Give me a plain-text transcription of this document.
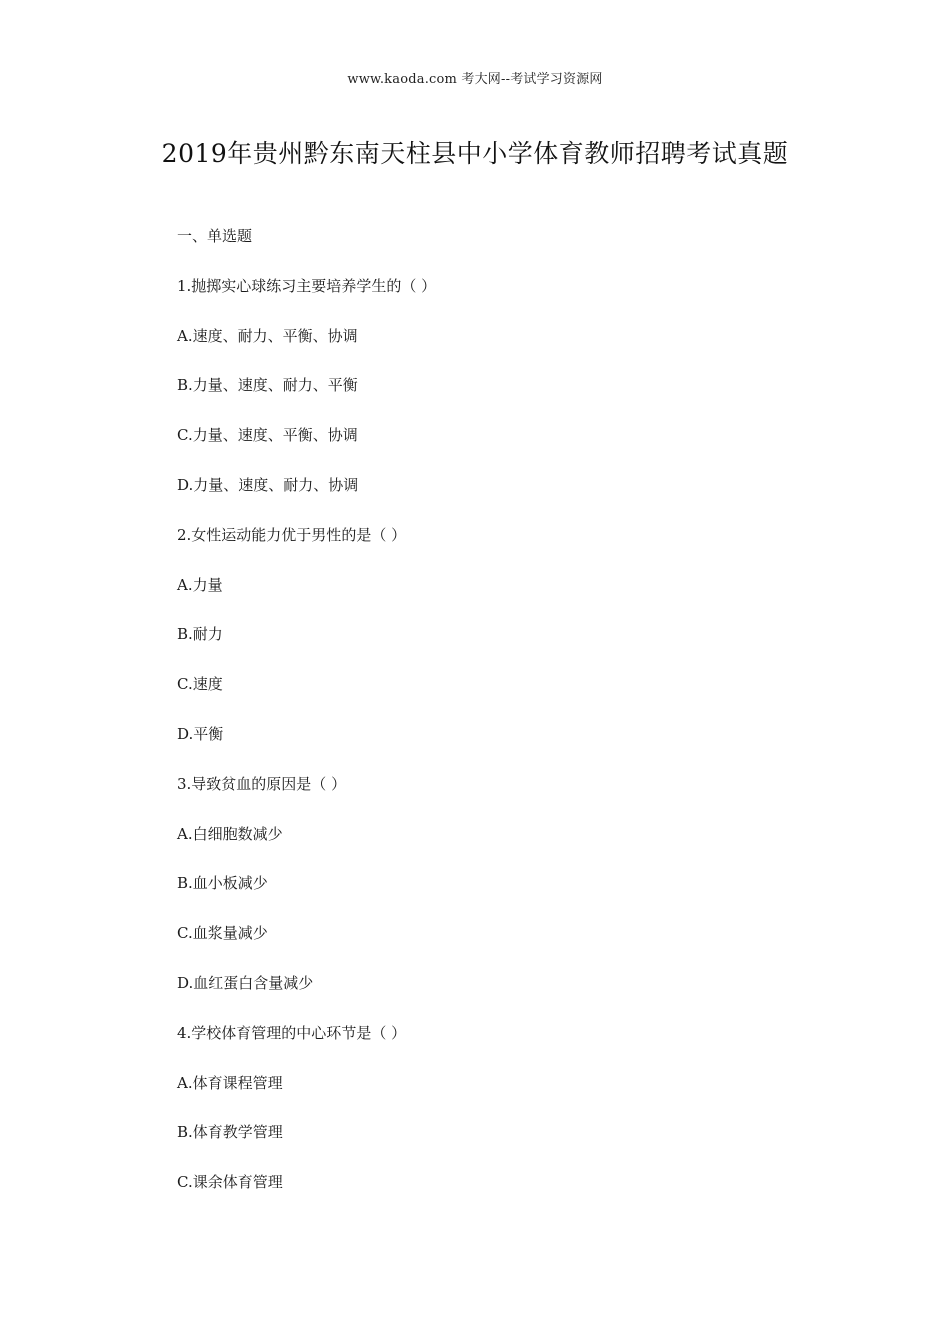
www.kaoda.com 考大网--考试学习资源网
2019年贵州黔东南天柱县中小学体育教师招聘考试真题
一、单选题
1.抛掷实心球练习主要培养学生的（ ）
A.速度、耐力、平衡、协调
B.力量、速度、耐力、平衡
C.力量、速度、平衡、协调
D.力量、速度、耐力、协调
2.女性运动能力优于男性的是（ ）
A.力量
B.耐力
C.速度
D.平衡
3.导致贫血的原因是（ ）
A.白细胞数减少
B.血小板减少
C.血浆量减少
D.血红蛋白含量减少
4.学校体育管理的中心环节是（ ）
A.体育课程管理
B.体育教学管理
C.课余体育管理
